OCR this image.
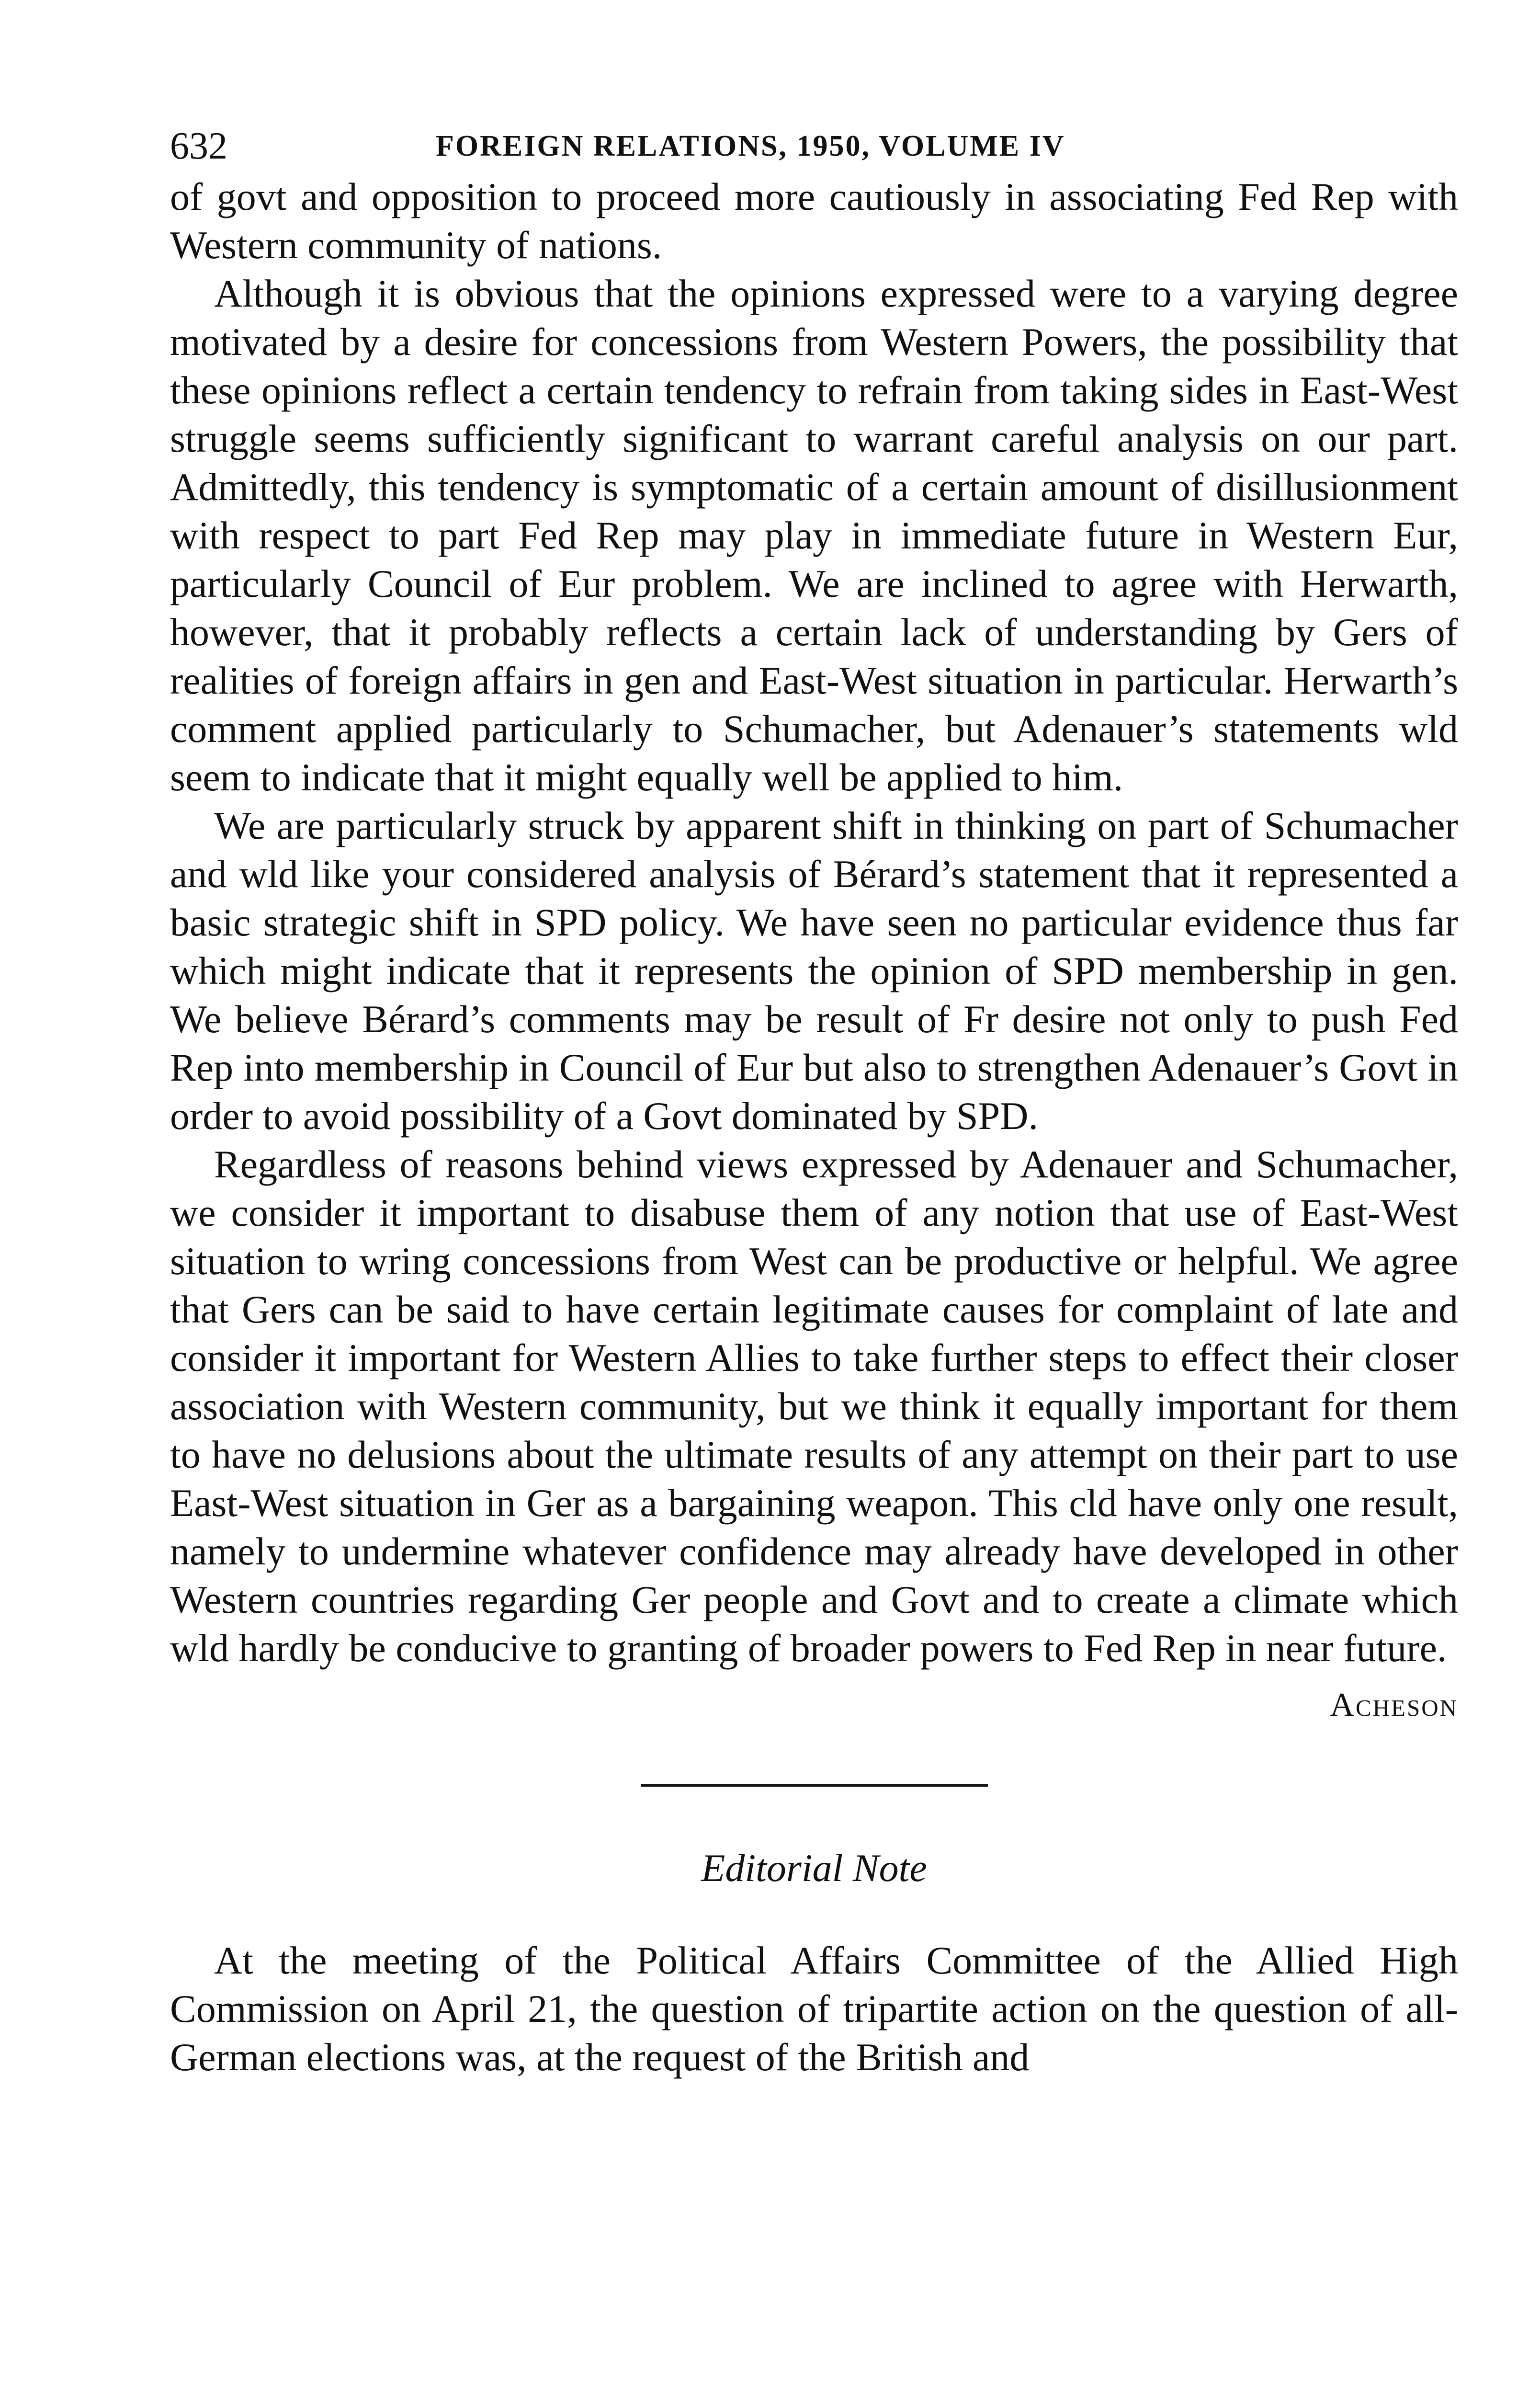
632	FOREIGN RELATIONS, 1950, VOLUME IV

of govt and opposition to proceed more cautiously in associating Fed Rep with Western community of nations.

Although it is obvious that the opinions expressed were to a varying degree motivated by a desire for concessions from Western Powers, the possibility that these opinions reflect a certain tendency to refrain from taking sides in East-West struggle seems sufficiently significant to warrant careful analysis on our part. Admittedly, this tendency is symptomatic of a certain amount of disillusionment with respect to part Fed Rep may play in immediate future in Western Eur, particularly Council of Eur problem. We are inclined to agree with Herwarth, however, that it probably reflects a certain lack of understanding by Gers of realities of foreign affairs in gen and East-West situation in particular. Herwarth’s comment applied particularly to Schumacher, but Adenauer’s statements wld seem to indicate that it might equally well be applied to him.

We are particularly struck by apparent shift in thinking on part of Schumacher and wld like your considered analysis of Bérard’s statement that it represented a basic strategic shift in SPD policy. We have seen no particular evidence thus far which might indicate that it represents the opinion of SPD membership in gen. We believe Bérard’s comments may be result of Fr desire not only to push Fed Rep into membership in Council of Eur but also to strengthen Adenauer’s Govt in order to avoid possibility of a Govt dominated by SPD.

Regardless of reasons behind views expressed by Adenauer and Schumacher, we consider it important to disabuse them of any notion that use of East-West situation to wring concessions from West can be productive or helpful. We agree that Gers can be said to have certain legitimate causes for complaint of late and consider it important for Western Allies to take further steps to effect their closer association with Western community, but we think it equally important for them to have no delusions about the ultimate results of any attempt on their part to use East-West situation in Ger as a bargaining weapon. This cld have only one result, namely to undermine whatever confidence may already have developed in other Western countries regarding Ger people and Govt and to create a climate which wld hardly be conducive to granting of broader powers to Fed Rep in near future.

Acheson
Editorial Note

At the meeting of the Political Affairs Committee of the Allied High Commission on April 21, the question of tripartite action on the question of all-German elections was, at the request of the British and
